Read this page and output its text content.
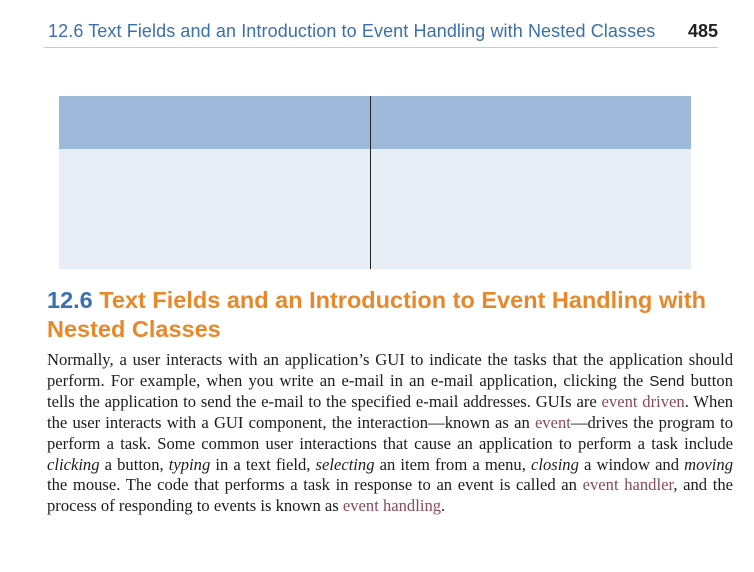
12.6 Text Fields and an Introduction to Event Handling with Nested Classes 485
12.6 Text Fields and an Introduction to Event Handling with Nested Classes

Normally, a user interacts with an application’s GUI to indicate the tasks that the application should perform. For example, when you write an e-mail in an e-mail application, clicking the Send button tells the application to send the e-mail to the specified e-mail addresses. GUIs are event driven. When the user interacts with a GUI component, the interaction—known as an event—drives the program to perform a task. Some common user interactions that cause an application to perform a task include clicking a button, typing in a text field, selecting an item from a menu, closing a window and moving the mouse. The code that performs a task in response to an event is called an event handler, and the process of responding to events is known as event handling.
